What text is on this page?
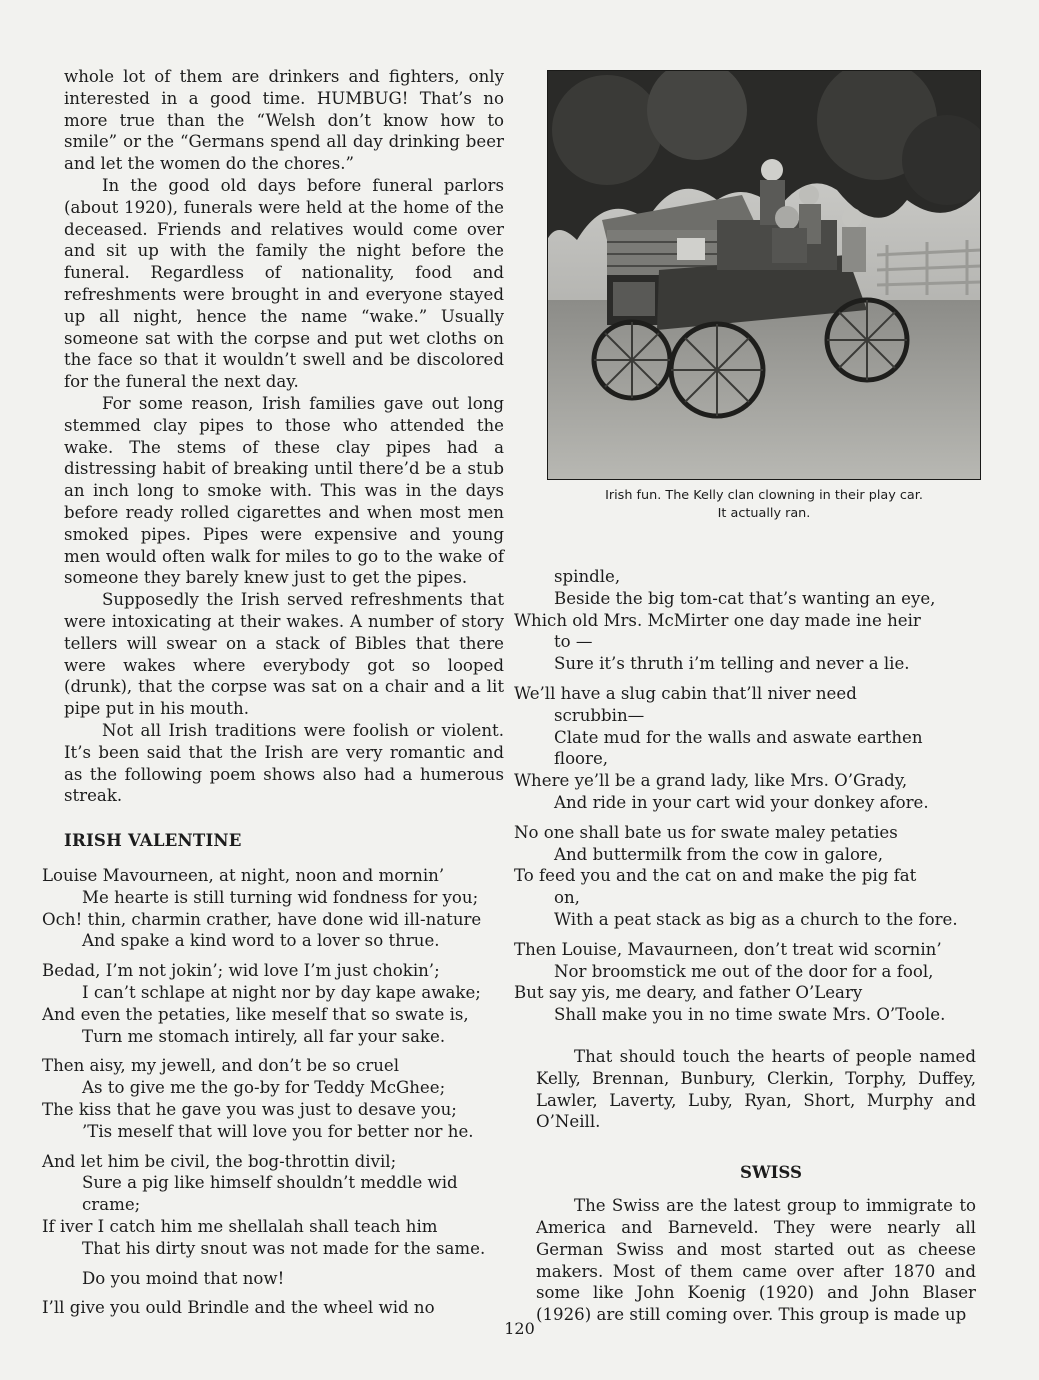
whole lot of them are drinkers and fighters, only interested in a good time. HUMBUG! That’s no more true than the “Welsh don’t know how to smile” or the “Germans spend all day drinking beer and let the women do the chores.”

In the good old days before funeral parlors (about 1920), funerals were held at the home of the deceased. Friends and relatives would come over and sit up with the family the night before the funeral. Regardless of nationality, food and refreshments were brought in and everyone stayed up all night, hence the name “wake.” Usually someone sat with the corpse and put wet cloths on the face so that it wouldn’t swell and be discolored for the funeral the next day.

For some reason, Irish families gave out long stemmed clay pipes to those who attended the wake. The stems of these clay pipes had a distressing habit of breaking until there’d be a stub an inch long to smoke with. This was in the days before ready rolled cigarettes and when most men smoked pipes. Pipes were expensive and young men would often walk for miles to go to the wake of someone they barely knew just to get the pipes.

Supposedly the Irish served refreshments that were intoxicating at their wakes. A number of story tellers will swear on a stack of Bibles that there were wakes where everybody got so looped (drunk), that the corpse was sat on a chair and a lit pipe put in his mouth.

Not all Irish traditions were foolish or violent. It’s been said that the Irish are very romantic and as the following poem shows also had a humerous streak.

IRISH VALENTINE

Louise Mavourneen, at night, noon and mornin’

Me hearte is still turning wid fondness for you;

Och! thin, charmin crather, have done wid ill-nature

And spake a kind word to a lover so thrue.

Bedad, I’m not jokin’; wid love I’m just chokin’;

I can’t schlape at night nor by day kape awake;

And even the petaties, like meself that so swate is,

Turn me stomach intirely, all far your sake.

Then aisy, my jewell, and don’t be so cruel

As to give me the go-by for Teddy McGhee;

The kiss that he gave you was just to desave you;

’Tis meself that will love you for better nor he.

And let him be civil, the bog-throttin divil;

Sure a pig like himself shouldn’t meddle wid

crame;

If iver I catch him me shellalah shall teach him

That his dirty snout was not made for the same.

Do you moind that now!

I’ll give you ould Brindle and the wheel wid no

Irish fun. The Kelly clan clowning in their play car.
It actually ran.

spindle,

Beside the big tom-cat that’s wanting an eye,

Which old Mrs. McMirter one day made ine heir

to —

Sure it’s thruth i’m telling and never a lie.

We’ll have a slug cabin that’ll niver need

scrubbin—

Clate mud for the walls and aswate earthen

floore,

Where ye’ll be a grand lady, like Mrs. O’Grady,

And ride in your cart wid your donkey afore.

No one shall bate us for swate maley petaties

And buttermilk from the cow in galore,

To feed you and the cat on and make the pig fat

on,

With a peat stack as big as a church to the fore.

Then Louise, Mavaurneen, don’t treat wid scornin’

Nor broomstick me out of the door for a fool,

But say yis, me deary, and father O’Leary

Shall make you in no time swate Mrs. O’Toole.

That should touch the hearts of people named Kelly, Brennan, Bunbury, Clerkin, Torphy, Duffey, Lawler, Laverty, Luby, Ryan, Short, Murphy and O’Neill.

SWISS

The Swiss are the latest group to immigrate to America and Barneveld. They were nearly all German Swiss and most started out as cheese makers. Most of them came over after 1870 and some like John Koenig (1920) and John Blaser (1926) are still coming over. This group is made up

120
